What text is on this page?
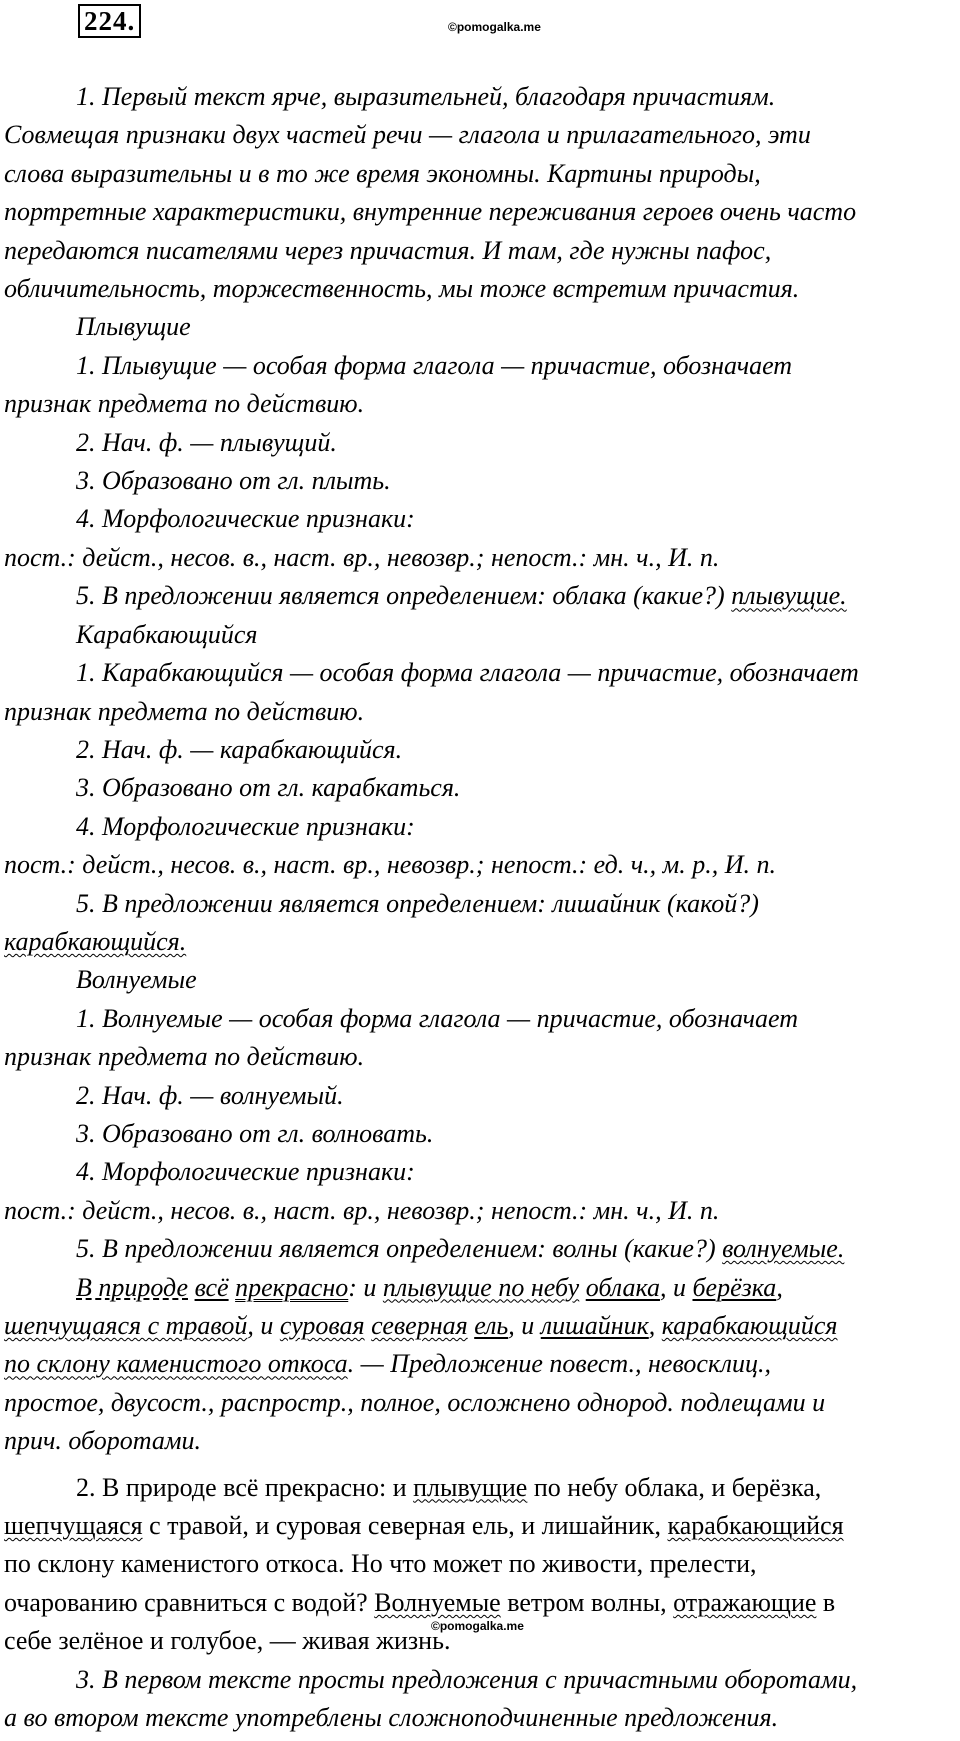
224.	©pomogalka.me

1. Первый текст ярче, выразительней, благодаря причастиям.

Совмещая признаки двух частей речи — глагола и прилагательного, эти

слова выразительны и в то же время экономны. Картины природы,

портретные характеристики, внутренние переживания героев очень часто

передаются писателями через причастия. И там, где нужны пафос,

обличительность, торжественность, мы тоже встретим причастия.

Плывущие

1. Плывущие — особая форма глагола — причастие, обозначает

признак предмета по действию.

2. Нач. ф. — плывущий.

3. Образовано от гл. плыть.

4. Морфологические признаки:

пост.: дейст., несов. в., наст. вр., невозвр.; непост.: мн. ч., И. п.

5. В предложении является определением: облака (какие?) плывущие.

Карабкающийся

1. Карабкающийся — особая форма глагола — причастие, обозначает

признак предмета по действию.

2. Нач. ф. — карабкающийся.

3. Образовано от гл. карабкаться.

4. Морфологические признаки:

пост.: дейст., несов. в., наст. вр., невозвр.; непост.: ед. ч., м. р., И. п.

5. В предложении является определением: лишайник (какой?)

карабкающийся.

Волнуемые

1. Волнуемые — особая форма глагола — причастие, обозначает

признак предмета по действию.

2. Нач. ф. — волнуемый.

3. Образовано от гл. волновать.

4. Морфологические признаки:

пост.: дейст., несов. в., наст. вр., невозвр.; непост.: мн. ч., И. п.

5. В предложении является определением: волны (какие?) волнуемые.

В природе всё прекрасно: и плывущие по небу облака, и берёзка,

шепчущаяся с травой, и суровая северная ель, и лишайник, карабкающийся

по склону каменистого откоса. — Предложение повест., невосклиц.,

простое, двусост., распростр., полное, осложнено однород. подлещами и

прич. оборотами.

2. В природе всё прекрасно: и плывущие по небу облака, и берёзка,

шепчущаяся с травой, и суровая северная ель, и лишайник, карабкающийся

по склону каменистого откоса. Но что может по живости, прелести,

очарованию сравниться с водой? Волнуемые ветром волны, отражающие в

себе зелёное и голубое, — живая жизнь.

3. В первом тексте просты предложения с причастными оборотами,

а во втором тексте употреблены сложноподчиненные предложения.

©pomogalka.me
